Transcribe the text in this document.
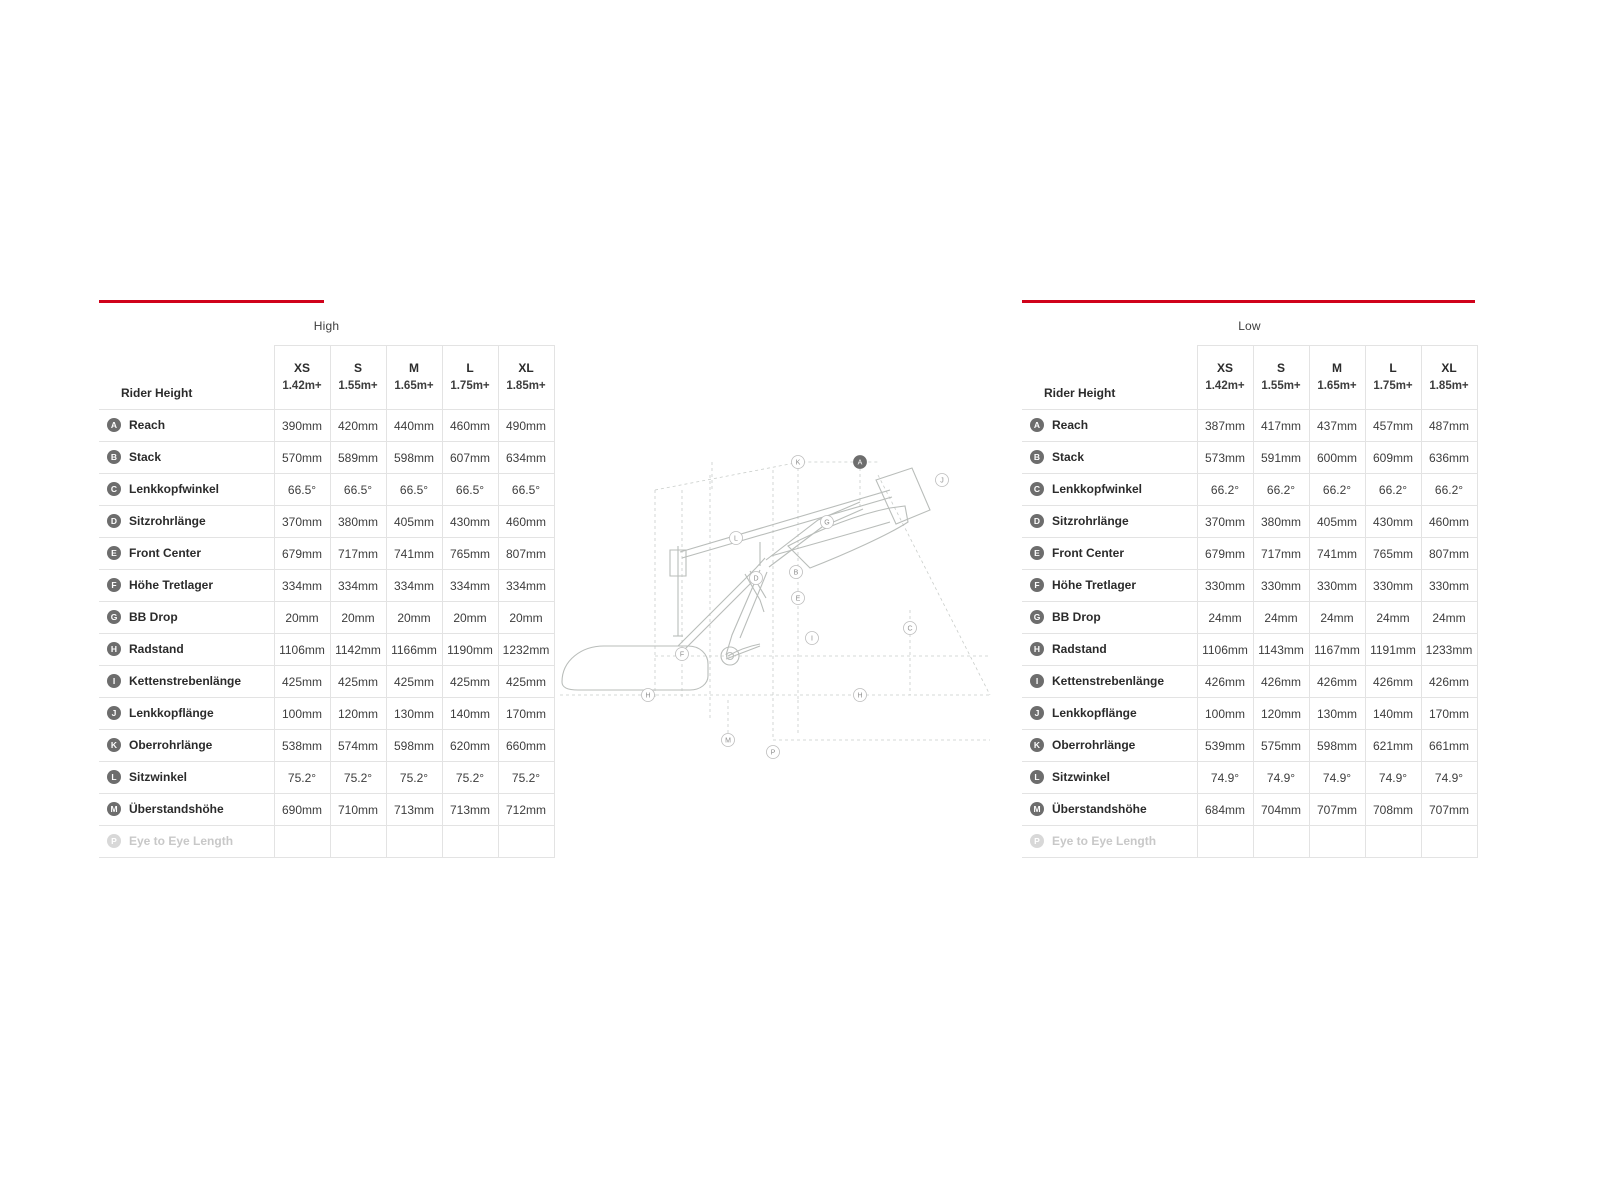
High
	XS	S	M	L	XL
Rider Height	1.42m+	1.55m+	1.65m+	1.75m+	1.85m+
A Reach	390mm	420mm	440mm	460mm	490mm
B Stack	570mm	589mm	598mm	607mm	634mm
C Lenkkopfwinkel	66.5°	66.5°	66.5°	66.5°	66.5°
D Sitzrohrlänge	370mm	380mm	405mm	430mm	460mm
E Front Center	679mm	717mm	741mm	765mm	807mm
F Höhe Tretlager	334mm	334mm	334mm	334mm	334mm
G BB Drop	20mm	20mm	20mm	20mm	20mm
H Radstand	1106mm	1142mm	1166mm	1190mm	1232mm
I Kettenstrebenlänge	425mm	425mm	425mm	425mm	425mm
J Lenkkopflänge	100mm	120mm	130mm	140mm	170mm
K Oberrohrlänge	538mm	574mm	598mm	620mm	660mm
L Sitzwinkel	75.2°	75.2°	75.2°	75.2°	75.2°
M Überstandshöhe	690mm	710mm	713mm	713mm	712mm
P Eye to Eye Length					
Low
	XS	S	M	L	XL
Rider Height	1.42m+	1.55m+	1.65m+	1.75m+	1.85m+
A Reach	387mm	417mm	437mm	457mm	487mm
B Stack	573mm	591mm	600mm	609mm	636mm
C Lenkkopfwinkel	66.2°	66.2°	66.2°	66.2°	66.2°
D Sitzrohrlänge	370mm	380mm	405mm	430mm	460mm
E Front Center	679mm	717mm	741mm	765mm	807mm
F Höhe Tretlager	330mm	330mm	330mm	330mm	330mm
G BB Drop	24mm	24mm	24mm	24mm	24mm
H Radstand	1106mm	1143mm	1167mm	1191mm	1233mm
I Kettenstrebenlänge	426mm	426mm	426mm	426mm	426mm
J Lenkkopflänge	100mm	120mm	130mm	140mm	170mm
K Oberrohrlänge	539mm	575mm	598mm	621mm	661mm
L Sitzwinkel	74.9°	74.9°	74.9°	74.9°	74.9°
M Überstandshöhe	684mm	704mm	707mm	708mm	707mm
P Eye to Eye Length					
K	A
J
D
L
B
E
I
F
C
G
H
M
P
H
